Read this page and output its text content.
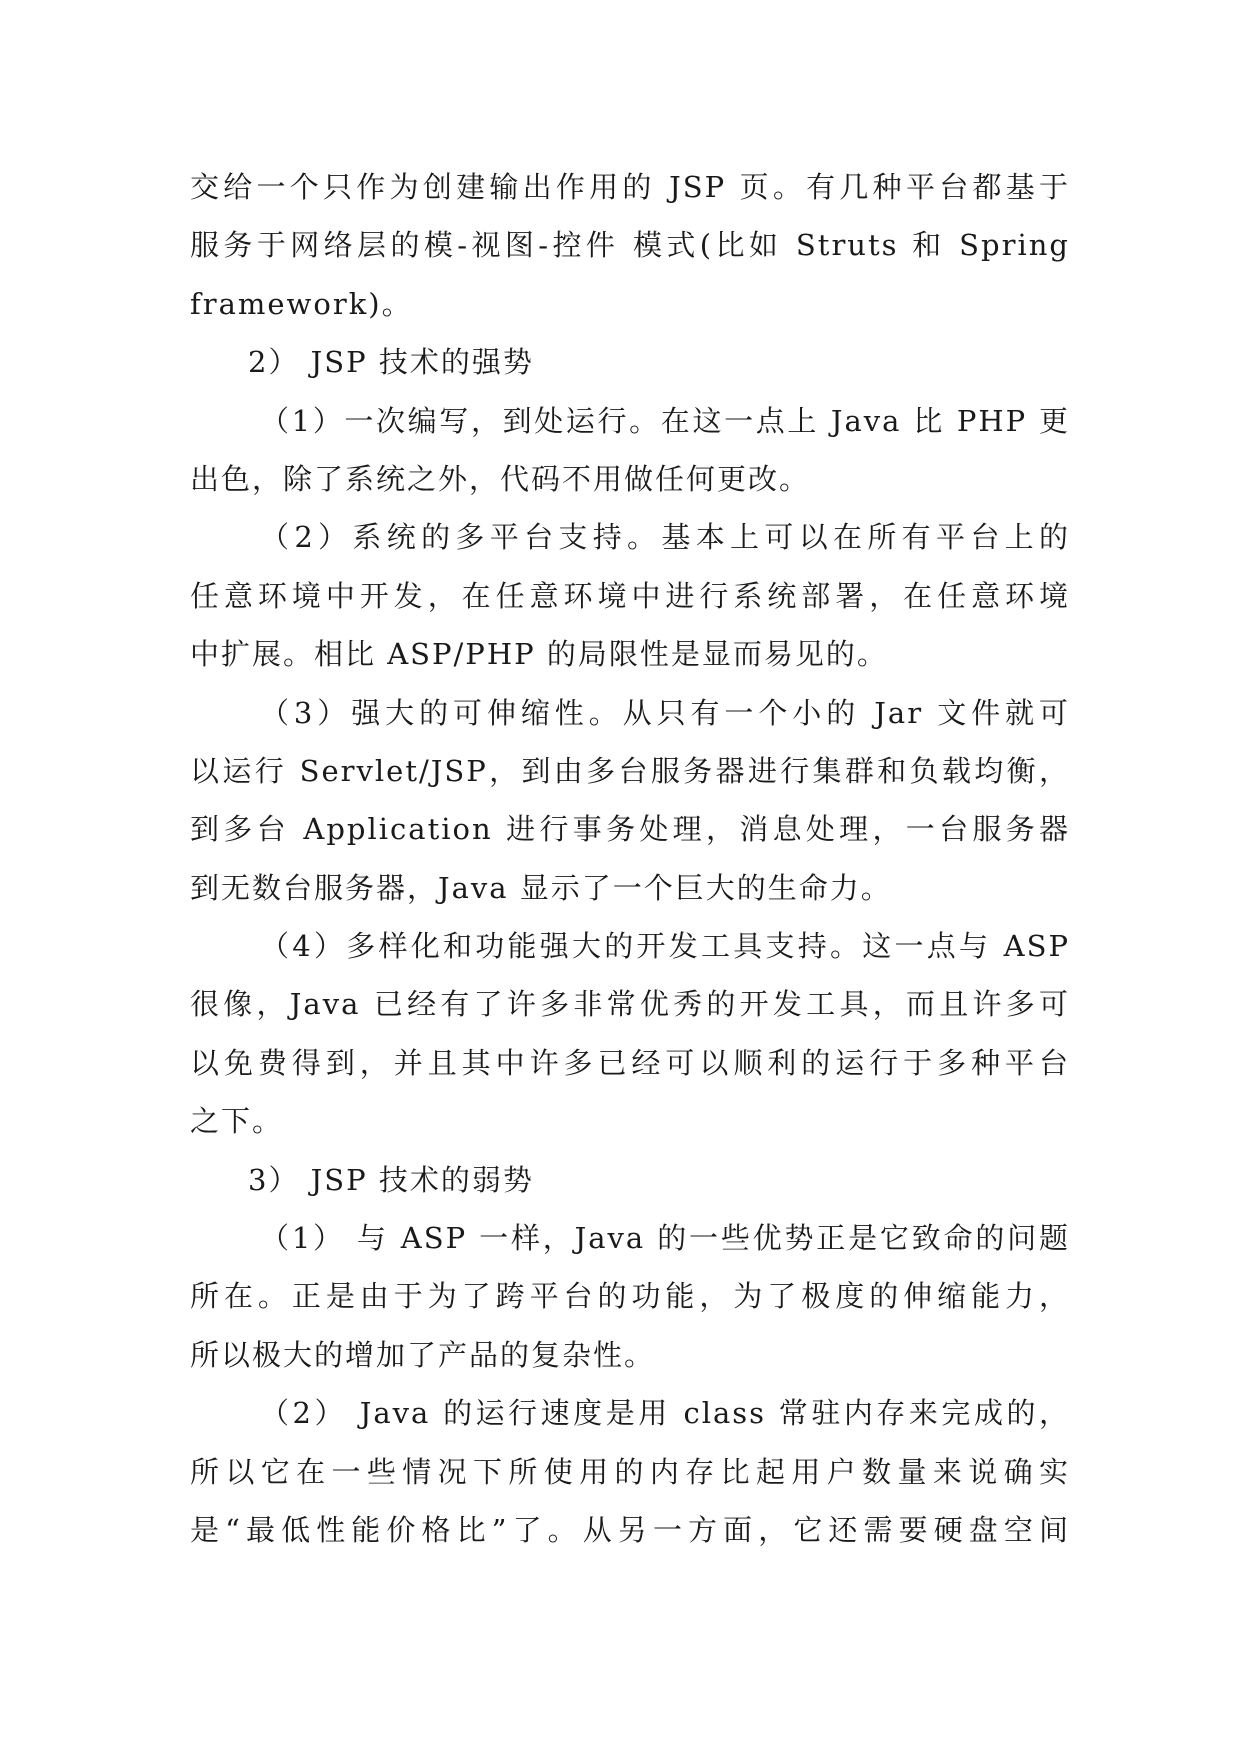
交给一个只作为创建输出作用的 JSP 页。有几种平台都基于
服务于网络层的模-视图-控件 模式(比如 Struts 和 Spring
framework)。
2） JSP 技术的强势
（1）一次编写，到处运行。在这一点上 Java 比 PHP 更
出色，除了系统之外，代码不用做任何更改。
（2）系统的多平台支持。基本上可以在所有平台上的
任意环境中开发，在任意环境中进行系统部署，在任意环境
中扩展。相比 ASP/PHP 的局限性是显而易见的。
（3）强大的可伸缩性。从只有一个小的 Jar 文件就可
以运行 Servlet/JSP，到由多台服务器进行集群和负载均衡，
到多台 Application 进行事务处理，消息处理，一台服务器
到无数台服务器，Java 显示了一个巨大的生命力。
（4）多样化和功能强大的开发工具支持。这一点与 ASP
很像，Java 已经有了许多非常优秀的开发工具，而且许多可
以免费得到，并且其中许多已经可以顺利的运行于多种平台
之下。
3） JSP 技术的弱势
（1） 与 ASP 一样，Java 的一些优势正是它致命的问题
所在。正是由于为了跨平台的功能，为了极度的伸缩能力，
所以极大的增加了产品的复杂性。
（2） Java 的运行速度是用 class 常驻内存来完成的，
所以它在一些情况下所使用的内存比起用户数量来说确实
是“最低性能价格比”了。从另一方面，它还需要硬盘空间
